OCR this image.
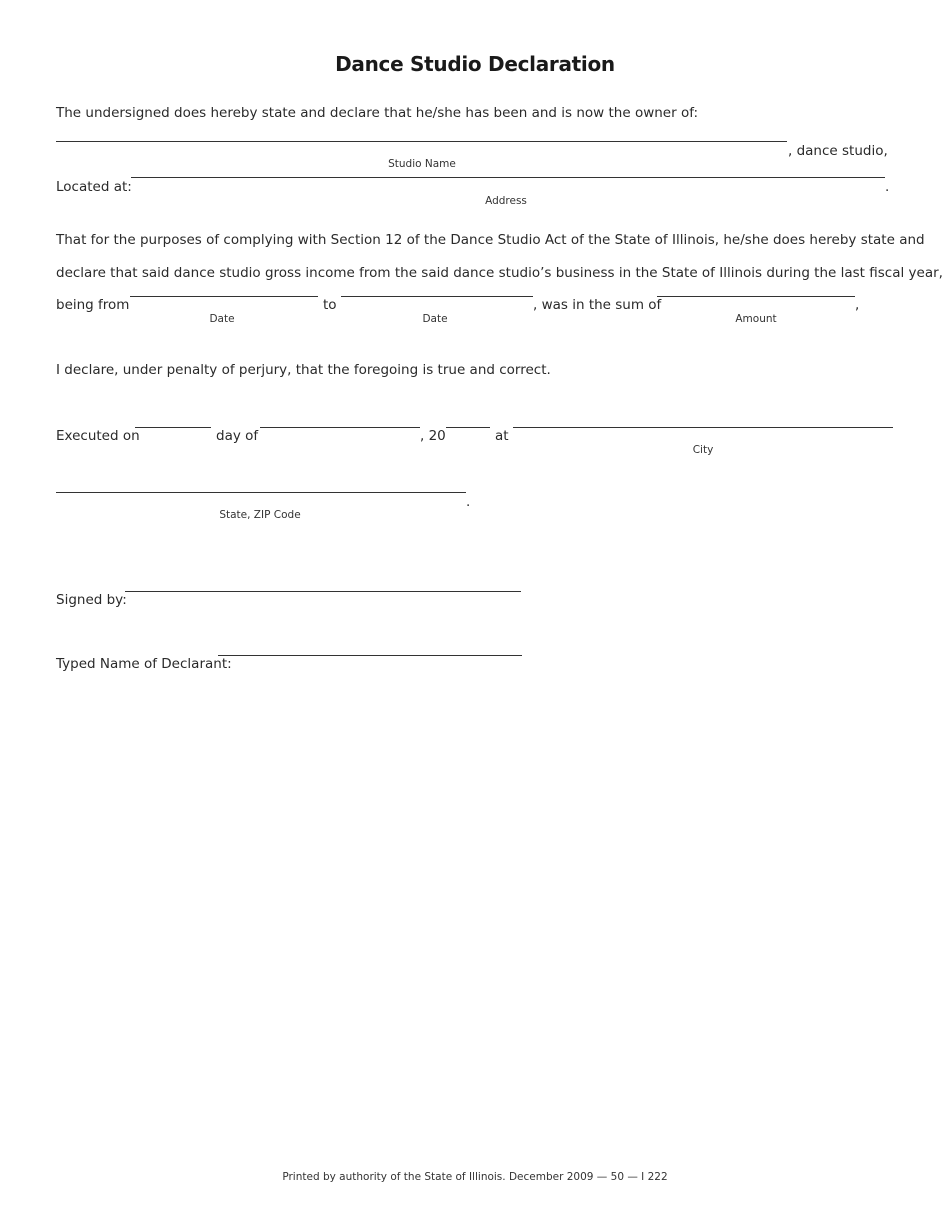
Dance Studio Declaration
The undersigned does hereby state and declare that he/she has been and is now the owner of:
, dance studio,
Studio Name
Located at:	.
Address
That for the purposes of complying with Section 12 of the Dance Studio Act of the State of Illinois, he/she does hereby state and
declare that said dance studio gross income from the said dance studio’s business in the State of Illinois during the last fiscal year,
being from	to	, was in the sum of	,
Date	Date	Amount
I declare, under penalty of perjury, that the foregoing is true and correct.
Executed on	day of	, 20	at
City
.
State, ZIP Code
Signed by:
Typed Name of Declarant:
Printed by authority of the State of Illinois. December 2009 — 50 — I 222
